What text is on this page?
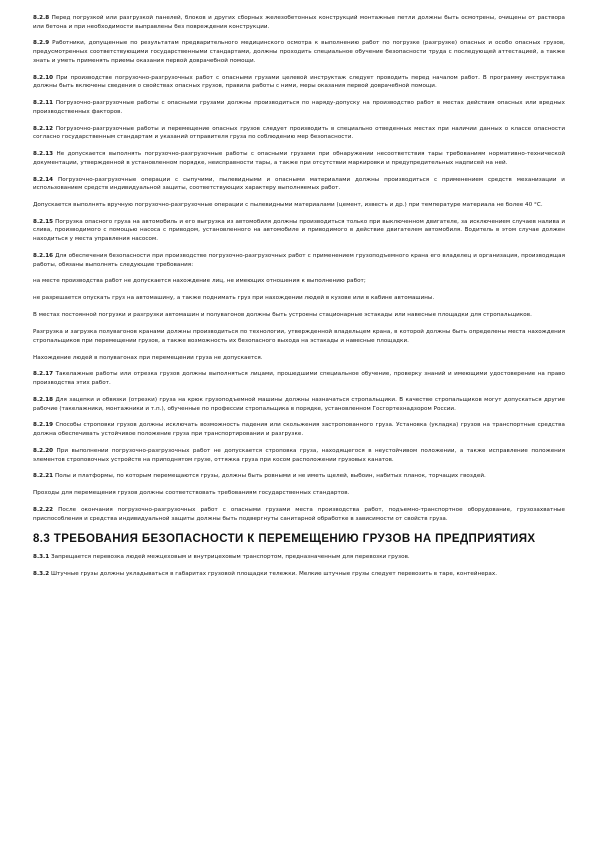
8.2.8 Перед погрузкой или разгрузкой панелей, блоков и других сборных железобетонных конструкций монтажные петли должны быть осмотрены, очищены от раствора или бетона и при необходимости выправлены без повреждения конструкции.

8.2.9 Работники, допущенные по результатам предварительного медицинского осмотра к выполнению работ по погрузке (разгрузке) опасных и особо опасных грузов, предусмотренных соответствующими государственными стандартами, должны проходить специальное обучение безопасности труда с последующей аттестацией, а также знать и уметь применять приемы оказания первой доврачебной помощи.

8.2.10 При производстве погрузочно-разгрузочных работ с опасными грузами целевой инструктаж следует проводить перед началом работ. В программу инструктажа должны быть включены сведения о свойствах опасных грузов, правила работы с ними, меры оказания первой доврачебной помощи.

8.2.11 Погрузочно-разгрузочные работы с опасными грузами должны производиться по наряду-допуску на производство работ в местах действия опасных или вредных производственных факторов.

8.2.12 Погрузочно-разгрузочные работы и перемещение опасных грузов следует производить в специально отведенных местах при наличии данных о классе опасности согласно государственным стандартам и указаний отправителя груза по соблюдению мер безопасности.

8.2.13 Не допускается выполнять погрузочно-разгрузочные работы с опасными грузами при обнаружении несоответствия тары требованиям нормативно-технической документации, утвержденной в установленном порядке, неисправности тары, а также при отсутствии маркировки и предупредительных надписей на ней.

8.2.14 Погрузочно-разгрузочные операции с сыпучими, пылевидными и опасными материалами должны производиться с применением средств механизации и использованием средств индивидуальной защиты, соответствующих характеру выполняемых работ.

Допускается выполнять вручную погрузочно-разгрузочные операции с пылевидными материалами (цемент, известь и др.) при температуре материала не более 40 °С.

8.2.15 Погрузка опасного груза на автомобиль и его выгрузка из автомобиля должны производиться только при выключенном двигателе, за исключением случаев налива и слива, производимого с помощью насоса с приводом, установленного на автомобиле и приводимого в действие двигателем автомобиля. Водитель в этом случае должен находиться у места управления насосом.

8.2.16 Для обеспечения безопасности при производстве погрузочно-разгрузочных работ с применением грузоподъемного крана его владелец и организация, производящая работы, обязаны выполнять следующие требования:

на месте производства работ не допускается нахождение лиц, не имеющих отношения к выполнению работ;

не разрешается опускать груз на автомашину, а также поднимать груз при нахождении людей в кузове или в кабине автомашины.

В местах постоянной погрузки и разгрузки автомашин и полувагонов должны быть устроены стационарные эстакады или навесные площадки для стропальщиков.

Разгрузка и загрузка полувагонов кранами должны производиться по технологии, утвержденной владельцем крана, в которой должны быть определены места нахождения стропальщиков при перемещении грузов, а также возможность их безопасного выхода на эстакады и навесные площадки.

Нахождение людей в полувагонах при перемещении груза не допускается.

8.2.17 Такелажные работы или отрезка грузов должны выполняться лицами, прошедшими специальное обучение, проверку знаний и имеющими удостоверение на право производства этих работ.

8.2.18 Для зацепки и обвязки (отрезки) груза на крюк грузоподъемной машины должны назначаться стропальщики. В качестве стропальщиков могут допускаться другие рабочие (такелажники, монтажники и т.п.), обученные по профессии стропальщика в порядке, установленном Госгортехнадзором России.

8.2.19 Способы строповки грузов должны исключать возможность падения или скольжения застропованного груза. Установка (укладка) грузов на транспортные средства должна обеспечивать устойчивое положение груза при транспортировании и разгрузке.

8.2.20 При выполнении погрузочно-разгрузочных работ не допускается строповка груза, находящегося в неустойчивом положении, а также исправление положения элементов строповочных устройств на приподнятом грузе, оттяжка груза при косом расположении грузовых канатов.

8.2.21 Полы и платформы, по которым перемещаются грузы, должны быть ровными и не иметь щелей, выбоин, набитых планок, торчащих гвоздей.

Проходы для перемещения грузов должны соответствовать требованиям государственных стандартов.

8.2.22 После окончания погрузочно-разгрузочных работ с опасными грузами места производства работ, подъемно-транспортное оборудование, грузозахватные приспособления и средства индивидуальной защиты должны быть подвергнуты санитарной обработке в зависимости от свойств груза.

8.3 ТРЕБОВАНИЯ БЕЗОПАСНОСТИ К ПЕРЕМЕЩЕНИЮ ГРУЗОВ НА ПРЕДПРИЯТИЯХ

8.3.1 Запрещается перевозка людей межцеховым и внутрицеховым транспортом, предназначенным для перевозки грузов.

8.3.2 Штучные грузы должны укладываться в габаритах грузовой площадки тележки. Мелкие штучные грузы следует перевозить в таре, контейнерах.
